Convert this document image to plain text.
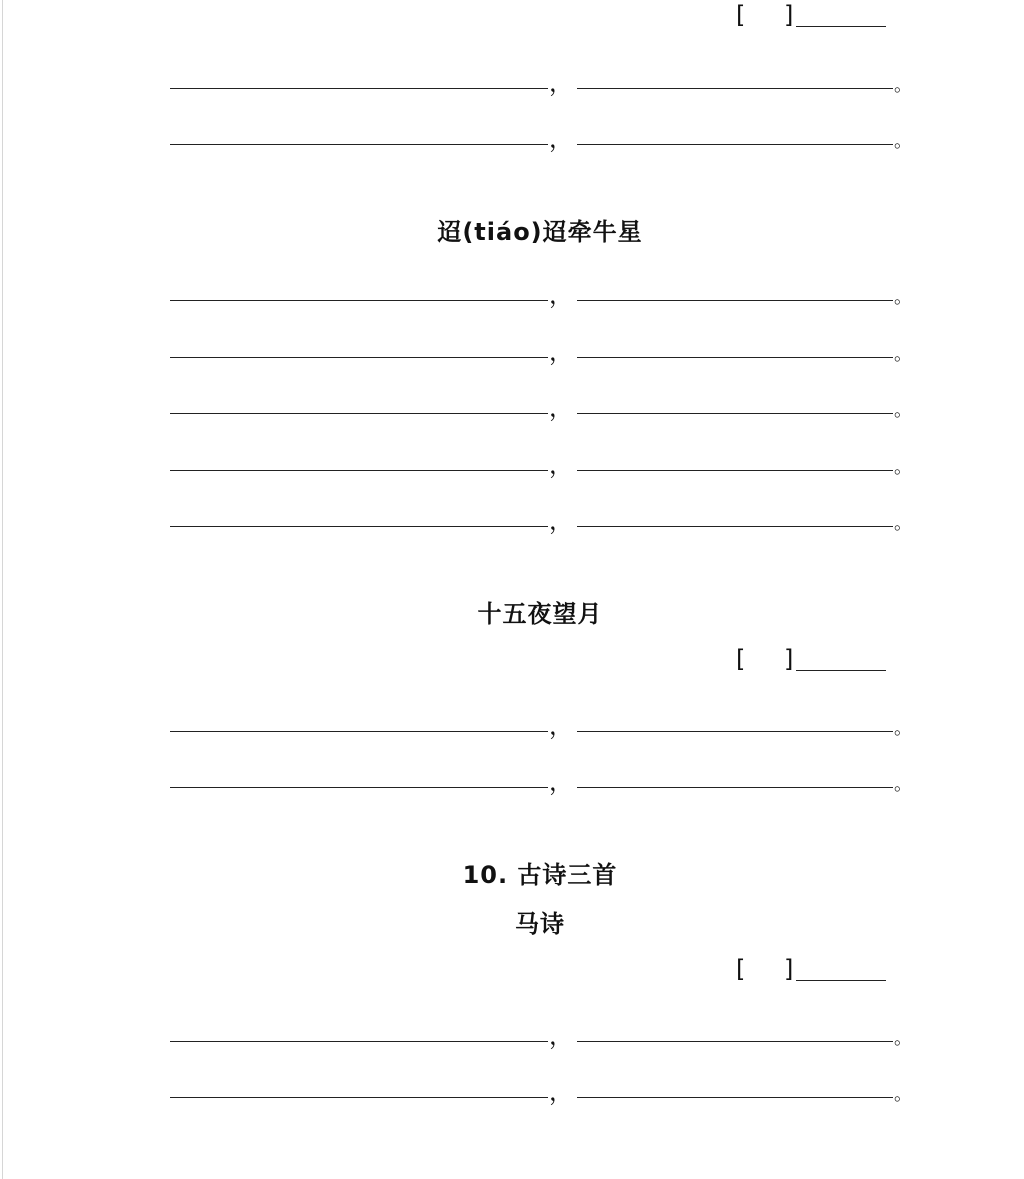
[ ]
，	。
，	。
迢(tiáo)迢牵牛星
，	。
，	。
，	。
，	。
，	。
十五夜望月
[ ]
，	。
，	。
10. 古诗三首
马诗
[ ]
，	。
，	。
